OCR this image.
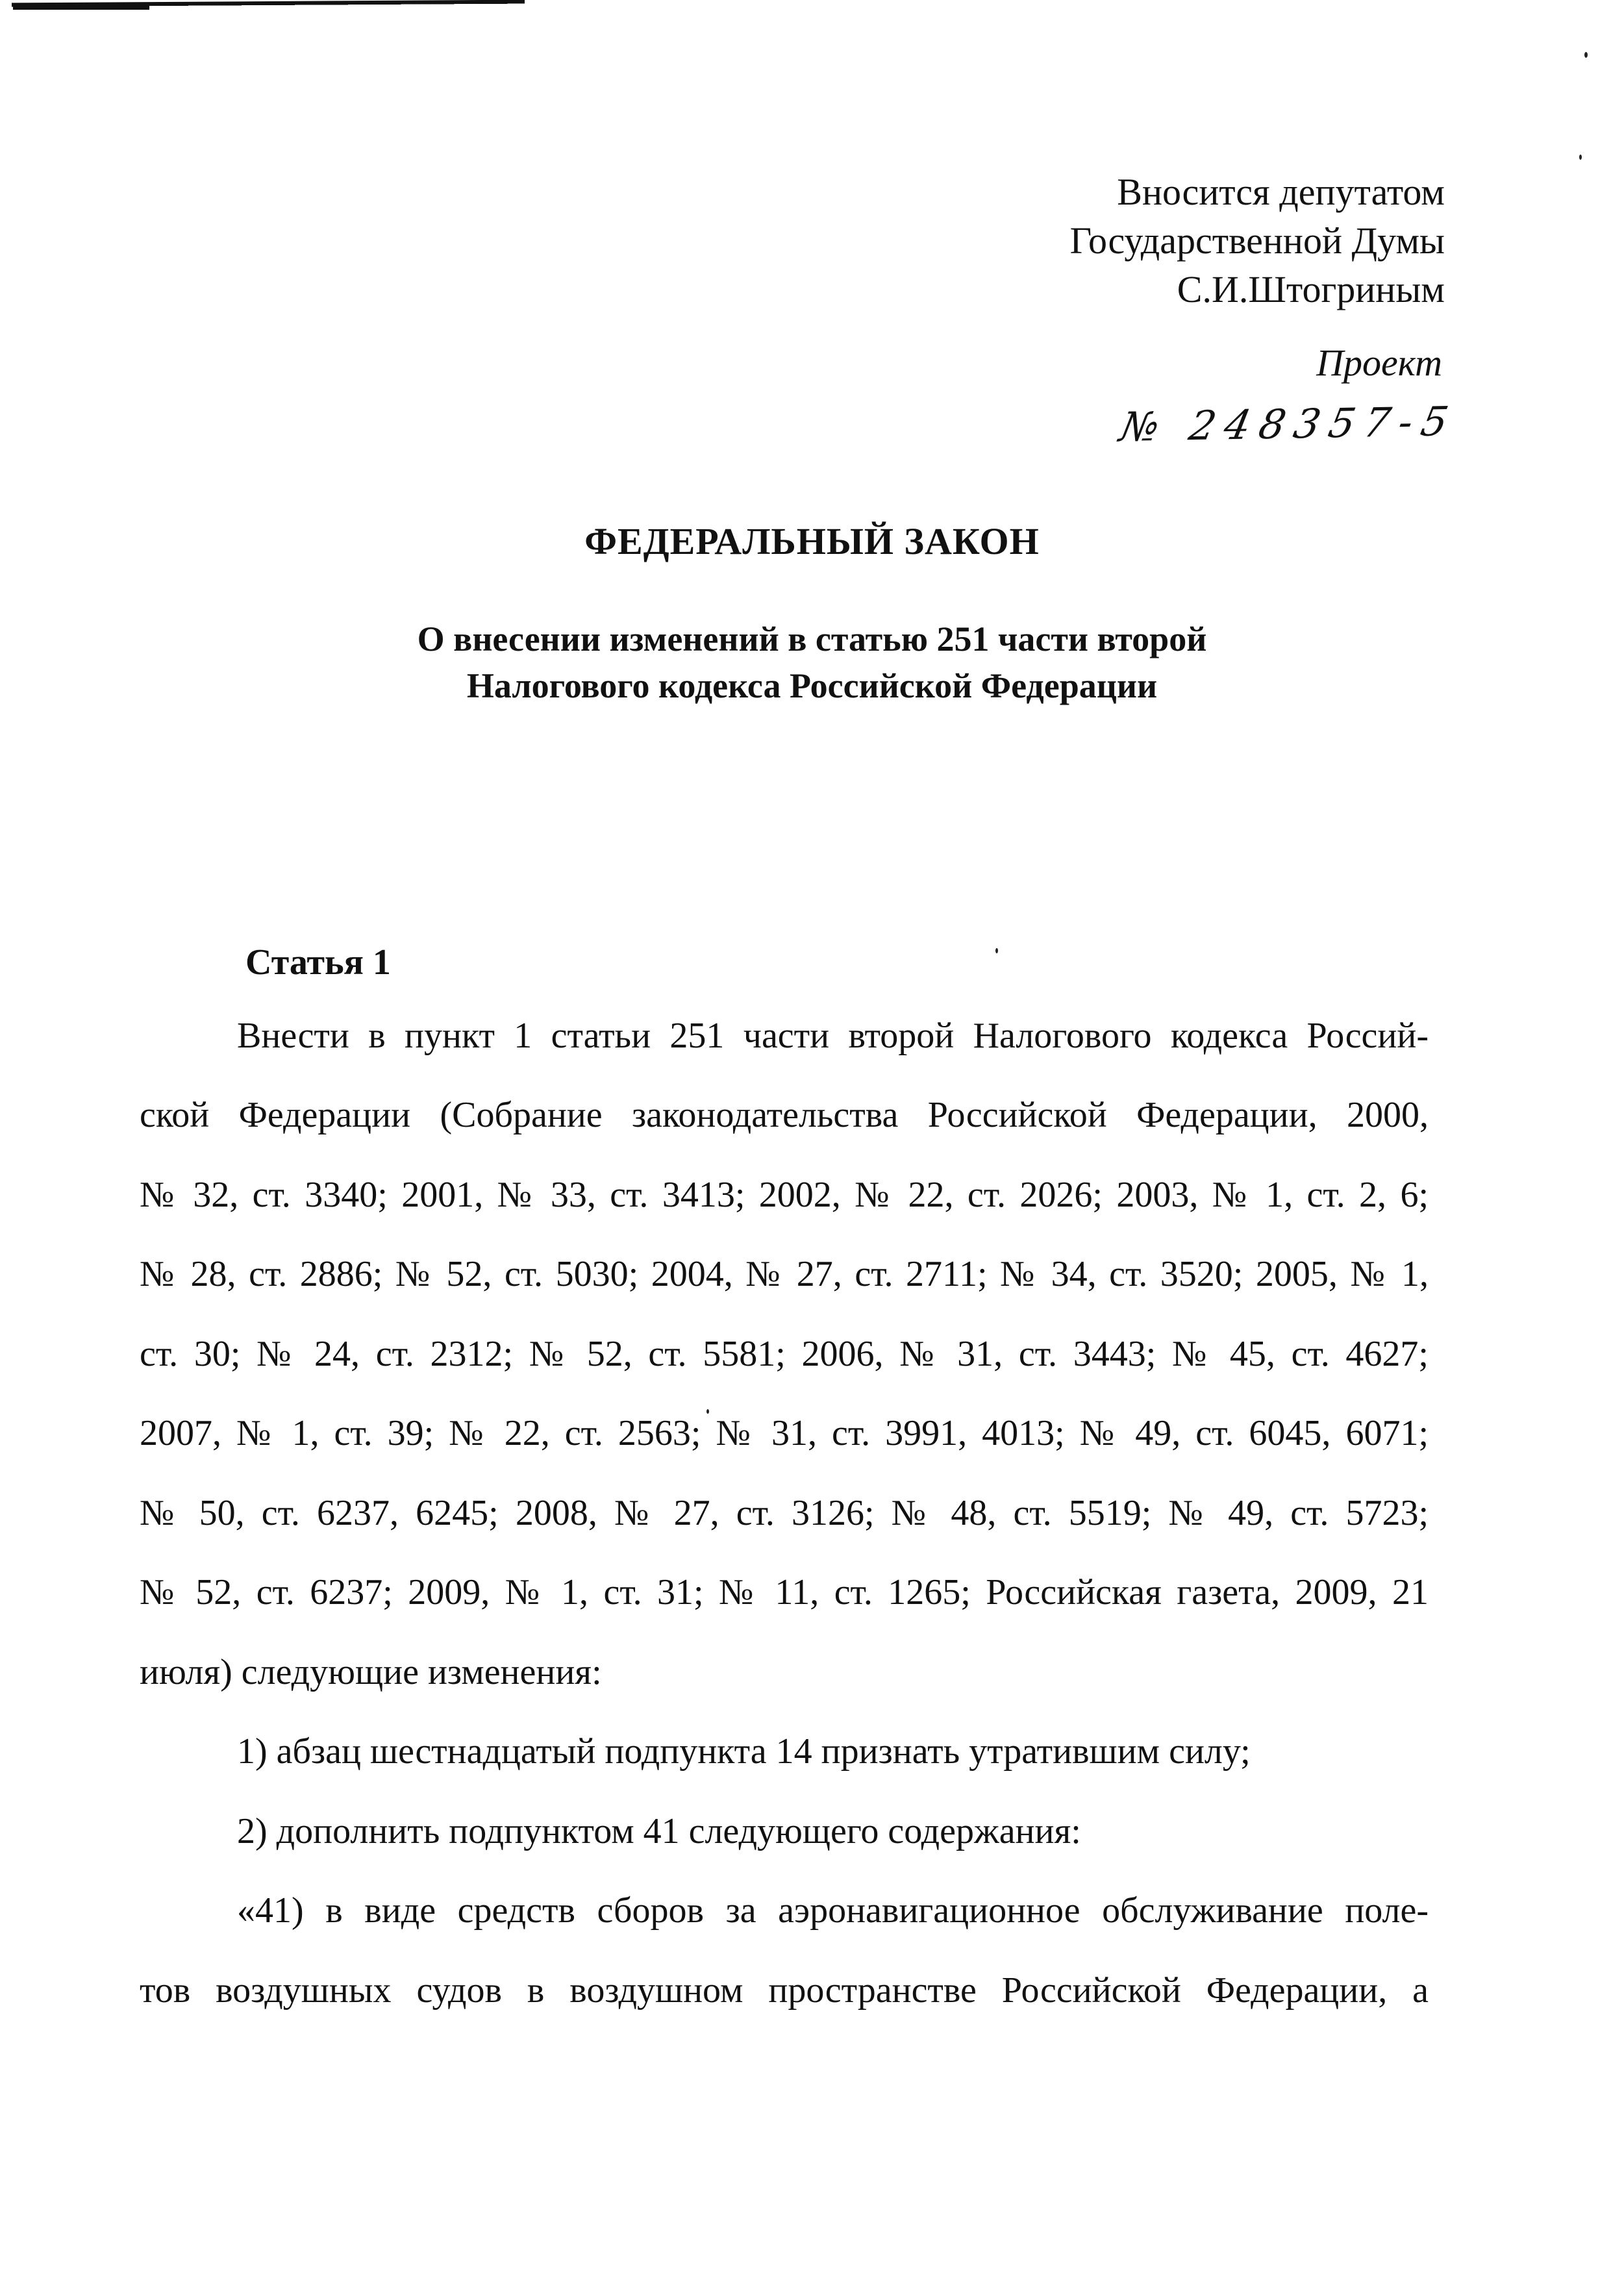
Вносится депутатом
Государственной Думы
С.И.Штогриным
Проект
№ 248357-5
ФЕДЕРАЛЬНЫЙ ЗАКОН
О внесении изменений в статью 251 части второй
Налогового кодекса Российской Федерации
Статья 1
Внести в пункт 1 статьи 251 части второй Налогового кодекса Россий-
ской Федерации (Собрание законодательства Российской Федерации, 2000,
№ 32, ст. 3340; 2001, № 33, ст. 3413; 2002, № 22, ст. 2026; 2003, № 1, ст. 2, 6;
№ 28, ст. 2886; № 52, ст. 5030; 2004, № 27, ст. 2711; № 34, ст. 3520; 2005, № 1,
ст. 30; № 24, ст. 2312; № 52, ст. 5581; 2006, № 31, ст. 3443; № 45, ст. 4627;
2007, № 1, ст. 39; № 22, ст. 2563; № 31, ст. 3991, 4013; № 49, ст. 6045, 6071;
№ 50, ст. 6237, 6245; 2008, № 27, ст. 3126; № 48, ст. 5519; № 49, ст. 5723;
№ 52, ст. 6237; 2009, № 1, ст. 31; № 11, ст. 1265; Российская газета, 2009, 21
июля) следующие изменения:
1) абзац шестнадцатый подпункта 14 признать утратившим силу;
2) дополнить подпунктом 41 следующего содержания:
«41) в виде средств сборов за аэронавигационное обслуживание поле-
тов воздушных судов в воздушном пространстве Российской Федерации, а
